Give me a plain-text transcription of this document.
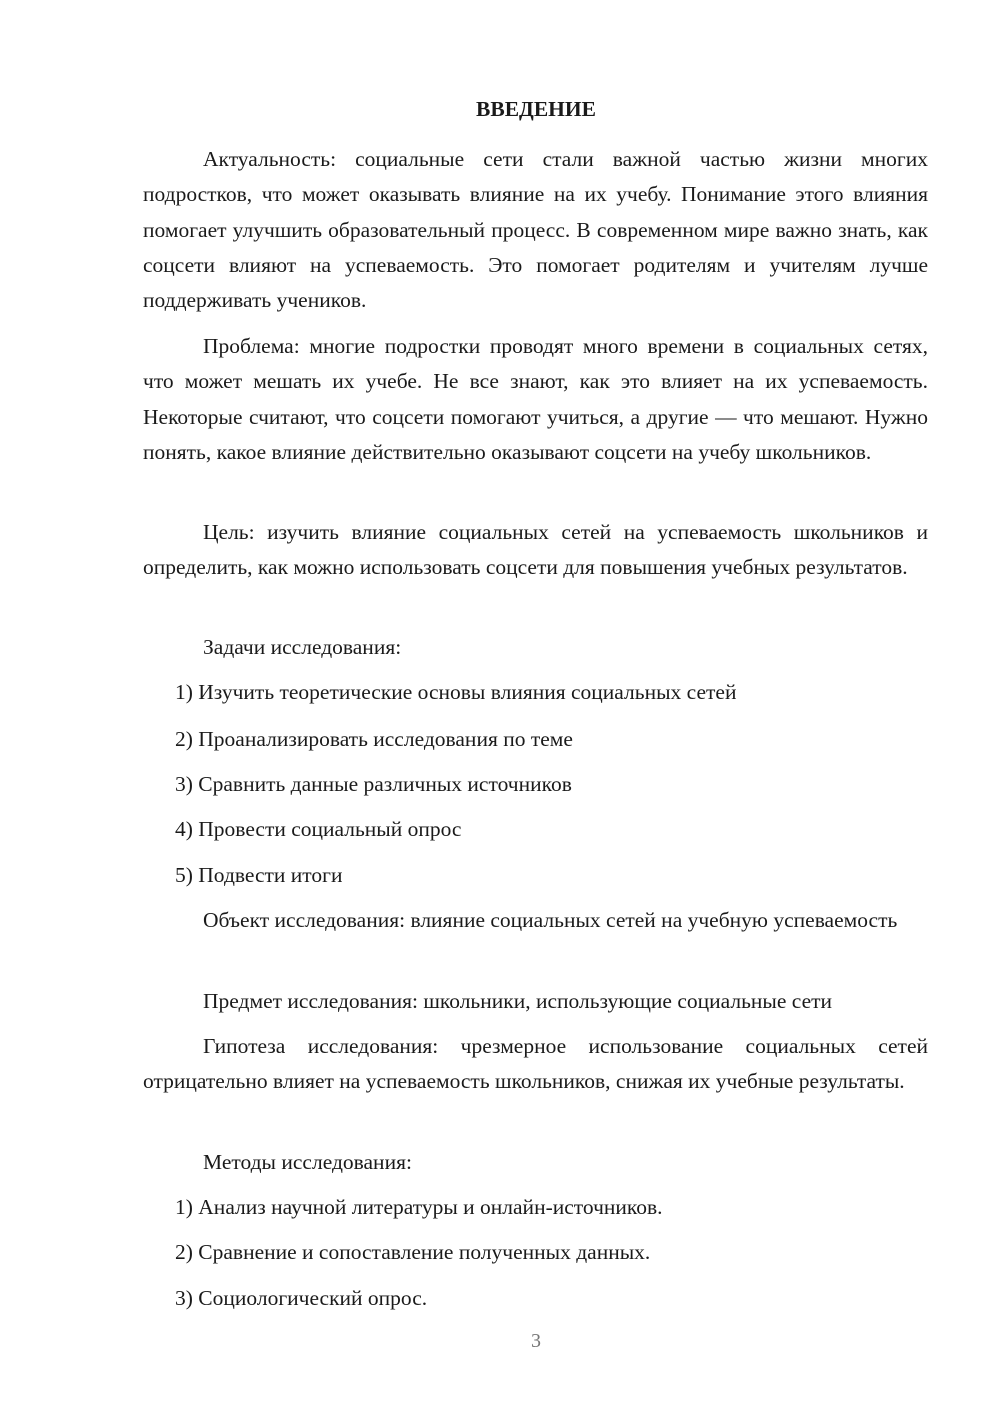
ВВЕДЕНИЕ
Актуальность: социальные сети стали важной частью жизни многих подростков, что может оказывать влияние на их учебу. Понимание этого влияния помогает улучшить образовательный процесс. В современном мире важно знать, как соцсети влияют на успеваемость. Это помогает родителям и учителям лучше поддерживать учеников.
Проблема: многие подростки проводят много времени в социальных сетях, что может мешать их учебе. Не все знают, как это влияет на их успеваемость. Некоторые считают, что соцсети помогают учиться, а другие — что мешают. Нужно понять, какое влияние действительно оказывают соцсети на учебу школьников.
Цель: изучить влияние социальных сетей на успеваемость школьников и определить, как можно использовать соцсети для повышения учебных результатов.
Задачи исследования:
1) Изучить теоретические основы влияния социальных сетей
2) Проанализировать исследования по теме
3) Сравнить данные различных источников
4) Провести социальный опрос
5) Подвести итоги
Объект исследования: влияние социальных сетей на учебную успеваемость
Предмет исследования: школьники, использующие социальные сети
Гипотеза исследования: чрезмерное использование социальных сетей отрицательно влияет на успеваемость школьников, снижая их учебные результаты.
Методы исследования:
1) Анализ научной литературы и онлайн-источников.
2) Сравнение и сопоставление полученных данных.
3) Социологический опрос.
3
